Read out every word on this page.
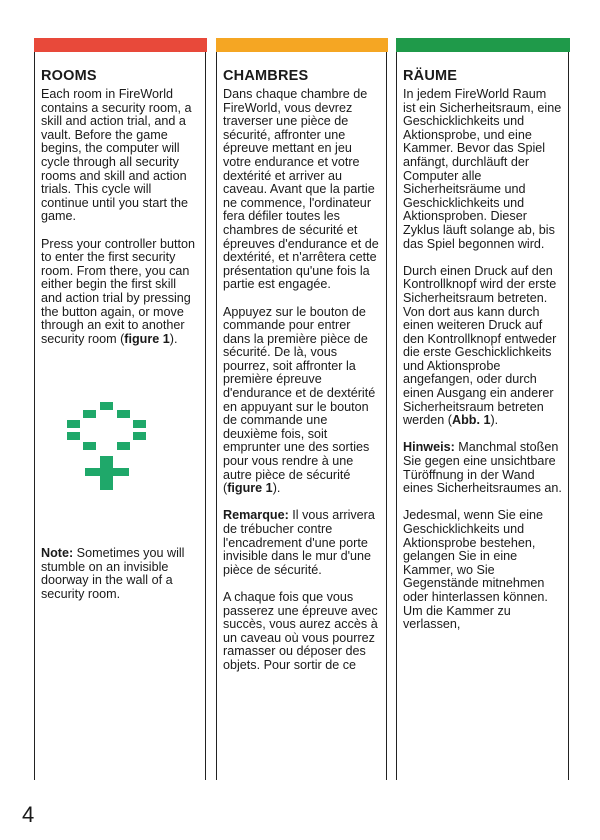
ROOMS

Each room in FireWorld contains a security room, a skill and action trial, and a vault. Before the game begins, the computer will cycle through all security rooms and skill and action trials. This cycle will continue until you start the game.

Press your controller button to enter the first security room. From there, you can either begin the first skill and action trial by pressing the button again, or move through an exit to another security room (figure 1).

Note: Sometimes you will stumble on an invisible doorway in the wall of a security room.

CHAMBRES

Dans chaque chambre de FireWorld, vous devrez traverser une pièce de sécurité, affronter une épreuve mettant en jeu votre endurance et votre dextérité et arriver au caveau. Avant que la partie ne commence, l'ordinateur fera défiler toutes les chambres de sécurité et épreuves d'endurance et de dextérité, et n'arrêtera cette présentation qu'une fois la partie est engagée.

Appuyez sur le bouton de commande pour entrer dans la première pièce de sécurité. De là, vous pourrez, soit affronter la première épreuve d'endurance et de dextérité en appuyant sur le bouton de commande une deuxième fois, soit emprunter une des sorties pour vous rendre à une autre pièce de sécurité (figure 1).

Remarque: Il vous arrivera de trébucher contre l'encadrement d'une porte invisible dans le mur d'une pièce de sécurité.

A chaque fois que vous passerez une épreuve avec succès, vous aurez accès à un caveau où vous pourrez ramasser ou déposer des objets. Pour sortir de ce

RÄUME

In jedem FireWorld Raum ist ein Sicherheitsraum, eine Geschicklichkeits und Aktionsprobe, und eine Kammer. Bevor das Spiel anfängt, durchläuft der Computer alle Sicherheitsräume und Geschicklichkeits und Aktionsproben. Dieser Zyklus läuft solange ab, bis das Spiel begonnen wird.

Durch einen Druck auf den Kontrollknopf wird der erste Sicherheitsraum betreten. Von dort aus kann durch einen weiteren Druck auf den Kontrollknopf entweder die erste Geschicklichkeits und Aktionsprobe angefangen, oder durch einen Ausgang ein anderer Sicherheitsraum betreten werden (Abb. 1).

Hinweis: Manchmal stoßen Sie gegen eine unsichtbare Türöffnung in der Wand eines Sicherheitsraumes an.

Jedesmal, wenn Sie eine Geschicklichkeits und Aktionsprobe bestehen, gelangen Sie in eine Kammer, wo Sie Gegenstände mitnehmen oder hinterlassen können. Um die Kammer zu verlassen,

4
